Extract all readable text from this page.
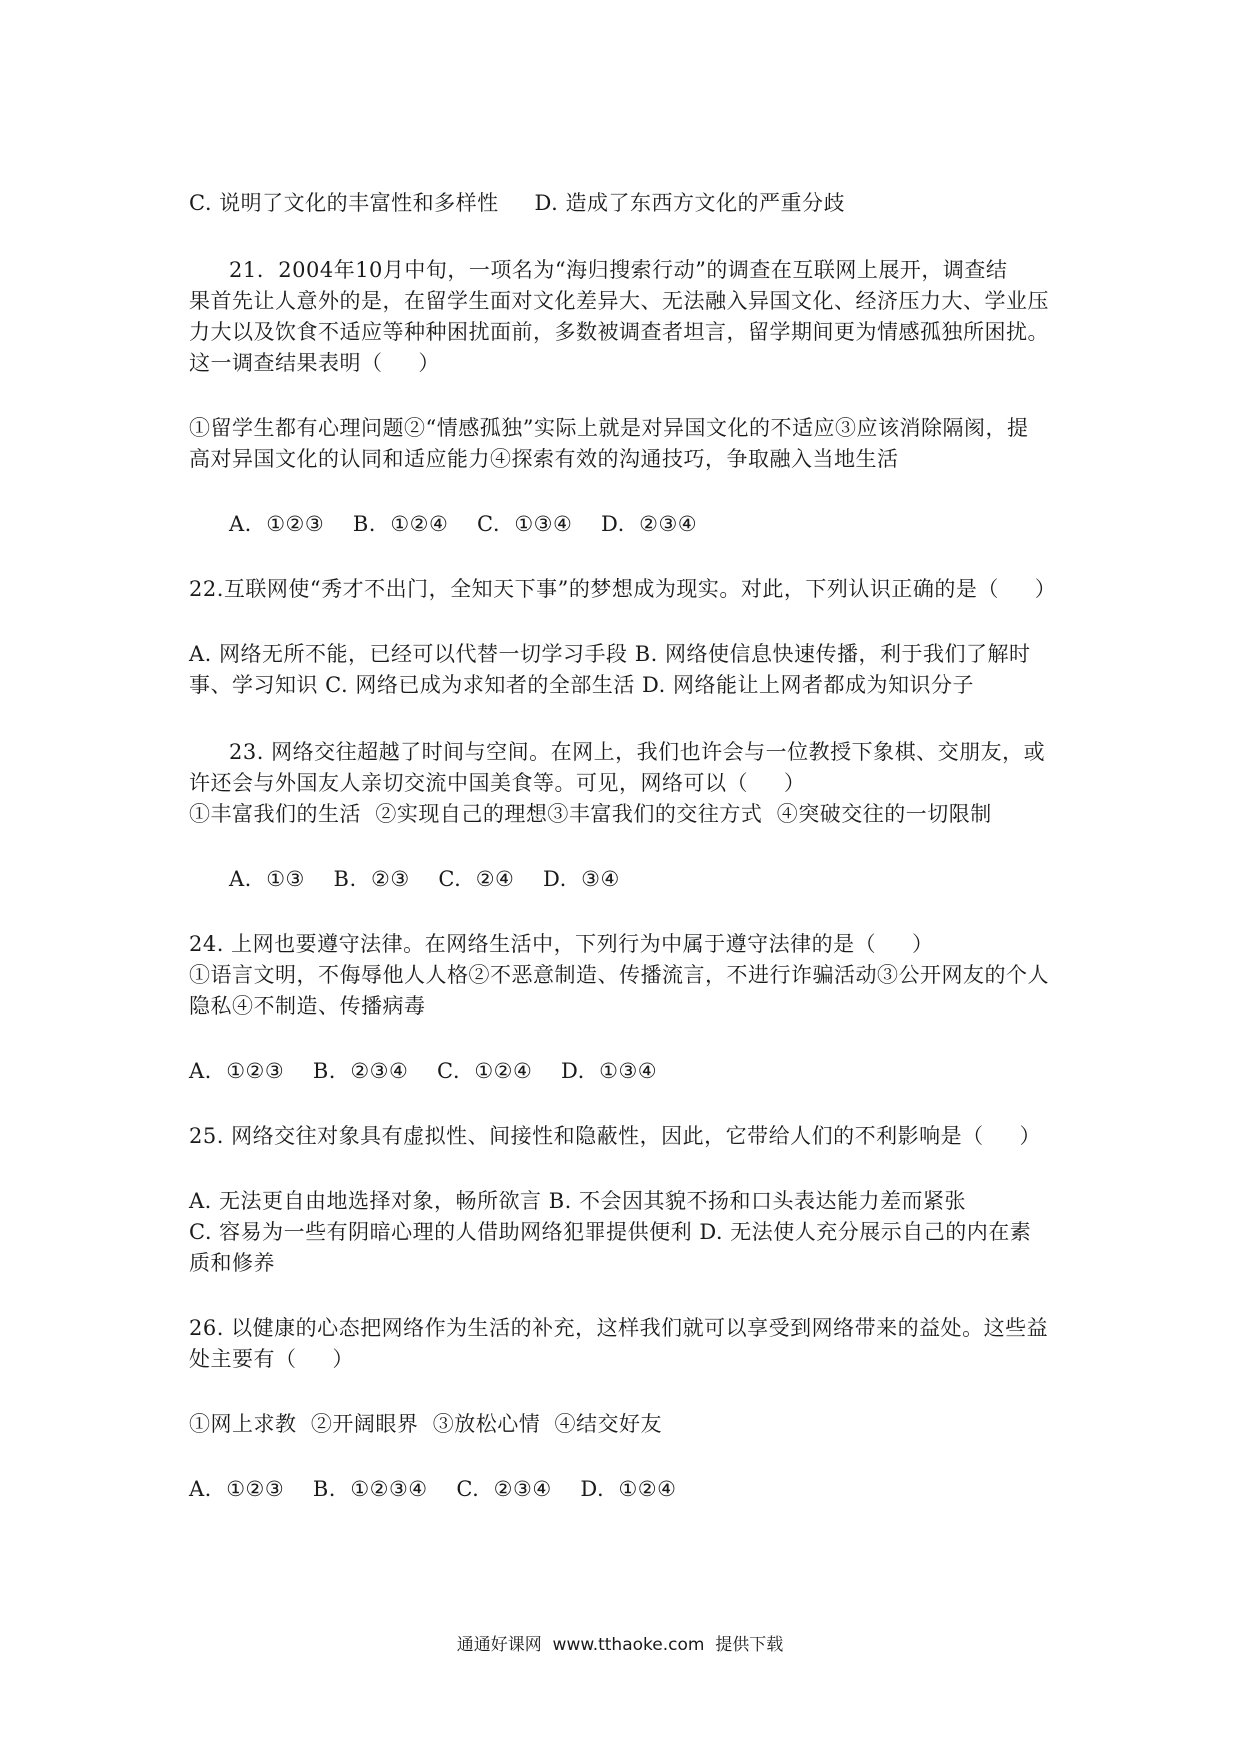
C. 说明了文化的丰富性和多样性     D. 造成了东西方文化的严重分歧
21.  2004年10月中旬，一项名为“海归搜索行动”的调查在互联网上展开，调查结
果首先让人意外的是，在留学生面对文化差异大、无法融入异国文化、经济压力大、学业压
力大以及饮食不适应等种种困扰面前，多数被调查者坦言，留学期间更为情感孤独所困扰。
这一调查结果表明（     ）
①留学生都有心理问题②“情感孤独”实际上就是对异国文化的不适应③应该消除隔阂，提
高对异国文化的认同和适应能力④探索有效的沟通技巧，争取融入当地生活
A.  ①②③    B.  ①②④    C.  ①③④    D.  ②③④
22.互联网使“秀才不出门，全知天下事”的梦想成为现实。对此，下列认识正确的是（     ）
A. 网络无所不能，已经可以代替一切学习手段 B. 网络使信息快速传播，利于我们了解时
事、学习知识 C. 网络已成为求知者的全部生活 D. 网络能让上网者都成为知识分子
23. 网络交往超越了时间与空间。在网上，我们也许会与一位教授下象棋、交朋友，或
许还会与外国友人亲切交流中国美食等。可见，网络可以（     ）
①丰富我们的生活  ②实现自己的理想③丰富我们的交往方式  ④突破交往的一切限制
A.  ①③    B.  ②③    C.  ②④    D.  ③④
24. 上网也要遵守法律。在网络生活中，下列行为中属于遵守法律的是（     ）
①语言文明，不侮辱他人人格②不恶意制造、传播流言，不进行诈骗活动③公开网友的个人
隐私④不制造、传播病毒
A.  ①②③    B.  ②③④    C.  ①②④    D.  ①③④
25. 网络交往对象具有虚拟性、间接性和隐蔽性，因此，它带给人们的不利影响是（     ）
A. 无法更自由地选择对象，畅所欲言 B. 不会因其貌不扬和口头表达能力差而紧张
C. 容易为一些有阴暗心理的人借助网络犯罪提供便利 D. 无法使人充分展示自己的内在素
质和修养
26. 以健康的心态把网络作为生活的补充，这样我们就可以享受到网络带来的益处。这些益
处主要有（     ）
①网上求教  ②开阔眼界  ③放松心情  ④结交好友
A.  ①②③    B.  ①②③④    C.  ②③④    D.  ①②④
通通好课网  www.tthaoke.com  提供下载
